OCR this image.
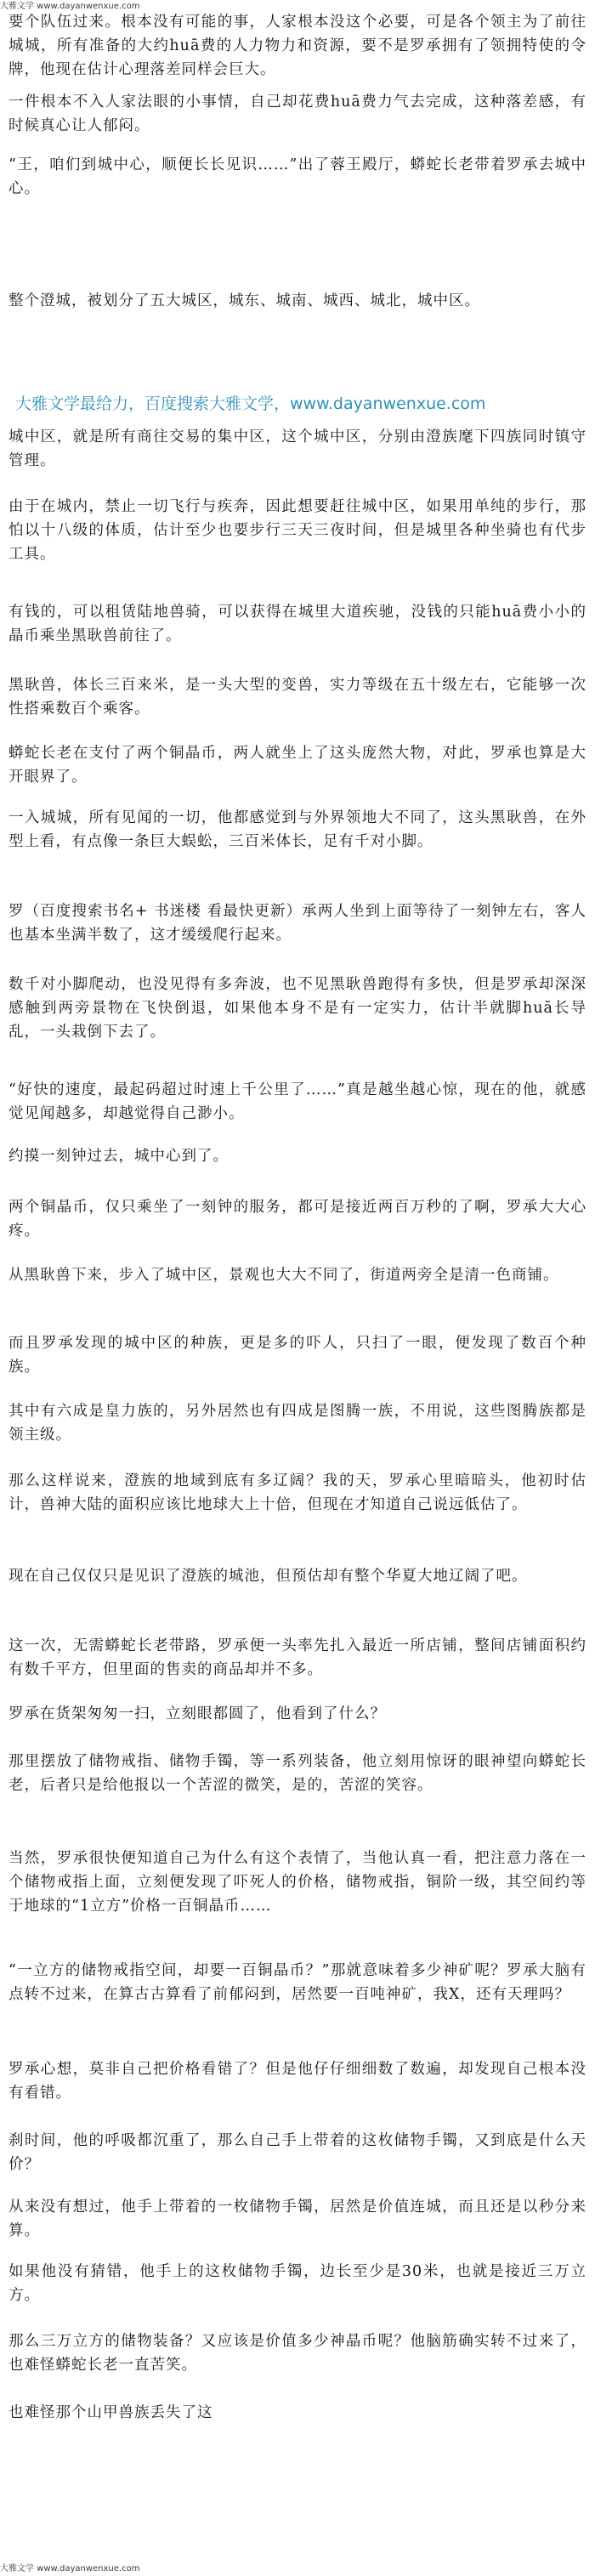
大雅文学 www.dayanwenxue.com

要个队伍过来。根本没有可能的事，人家根本没这个必要，可是各个领主为了前往城城，所有准备的大约huā费的人力物力和资源，要不是罗承拥有了领拥特使的令牌，他现在估计心理落差同样会巨大。

一件根本不入人家法眼的小事情，自己却花费huā费力气去完成，这种落差感，有时候真心让人郁闷。

“王，咱们到城中心，顺便长长见识……”出了蓉王殿厅，蟒蛇长老带着罗承去城中心。

整个澄城，被划分了五大城区，城东、城南、城西、城北，城中区。

大雅文学最给力，百度搜索大雅文学，www.dayanwenxue.com

城中区，就是所有商往交易的集中区，这个城中区，分别由澄族麾下四族同时镇守管理。

由于在城内，禁止一切飞行与疾奔，因此想要赶往城中区，如果用单纯的步行，那怕以十八级的体质，估计至少也要步行三天三夜时间，但是城里各种坐骑也有代步工具。

有钱的，可以租赁陆地兽骑，可以获得在城里大道疾驰，没钱的只能huā费小小的晶币乘坐黑耿兽前往了。

黑耿兽，体长三百来米，是一头大型的变兽，实力等级在五十级左右，它能够一次性搭乘数百个乘客。

蟒蛇长老在支付了两个铜晶币，两人就坐上了这头庞然大物，对此，罗承也算是大开眼界了。

一入城城，所有见闻的一切，他都感觉到与外界领地大不同了，这头黑耿兽，在外型上看，有点像一条巨大蜈蚣，三百米体长，足有千对小脚。

罗（百度搜索书名+ 书迷楼 看最快更新）承两人坐到上面等待了一刻钟左右，客人也基本坐满半数了，这才缓缓爬行起来。

数千对小脚爬动，也没见得有多奔波，也不见黑耿兽跑得有多快，但是罗承却深深感触到两旁景物在飞快倒退，如果他本身不是有一定实力，估计半就脚huā长导乱，一头栽倒下去了。

“好快的速度，最起码超过时速上千公里了……”真是越坐越心惊，现在的他，就感觉见闻越多，却越觉得自己渺小。

约摸一刻钟过去，城中心到了。

两个铜晶币，仅只乘坐了一刻钟的服务，都可是接近两百万秒的了啊，罗承大大心疼。

从黑耿兽下来，步入了城中区，景观也大大不同了，街道两旁全是清一色商铺。

而且罗承发现的城中区的种族，更是多的吓人，只扫了一眼，便发现了数百个种族。

其中有六成是皇力族的，另外居然也有四成是图腾一族，不用说，这些图腾族都是领主级。

那么这样说来，澄族的地域到底有多辽阔？我的天，罗承心里暗暗头，他初时估计，兽神大陆的面积应该比地球大上十倍，但现在才知道自己说远低估了。

现在自己仅仅只是见识了澄族的城池，但预估却有整个华夏大地辽阔了吧。

这一次，无需蟒蛇长老带路，罗承便一头率先扎入最近一所店铺，整间店铺面积约有数千平方，但里面的售卖的商品却并不多。

罗承在货架匆匆一扫，立刻眼都圆了，他看到了什么？

那里摆放了储物戒指、储物手镯，等一系列装备，他立刻用惊讶的眼神望向蟒蛇长老，后者只是给他报以一个苦涩的微笑，是的，苦涩的笑容。

当然，罗承很快便知道自己为什么有这个表情了，当他认真一看，把注意力落在一个储物戒指上面，立刻便发现了吓死人的价格，储物戒指，铜阶一级，其空间约等于地球的“1立方”价格一百铜晶币……

“一立方的储物戒指空间，却要一百铜晶币？”那就意味着多少神矿呢？罗承大脑有点转不过来，在算古古算看了前郁闷到，居然要一百吨神矿，我X，还有天理吗？

罗承心想，莫非自己把价格看错了？但是他仔仔细细数了数遍，却发现自己根本没有看错。

刹时间，他的呼吸都沉重了，那么自己手上带着的这枚储物手镯，又到底是什么天价？

从来没有想过，他手上带着的一枚储物手镯，居然是价值连城，而且还是以秒分来算。

如果他没有猜错，他手上的这枚储物手镯，边长至少是30米，也就是接近三万立方。

那么三万立方的储物装备？又应该是价值多少神晶币呢？他脑筋确实转不过来了，也难怪蟒蛇长老一直苦笑。

也难怪那个山甲兽族丢失了这

大雅文学 www.dayanwenxue.com
